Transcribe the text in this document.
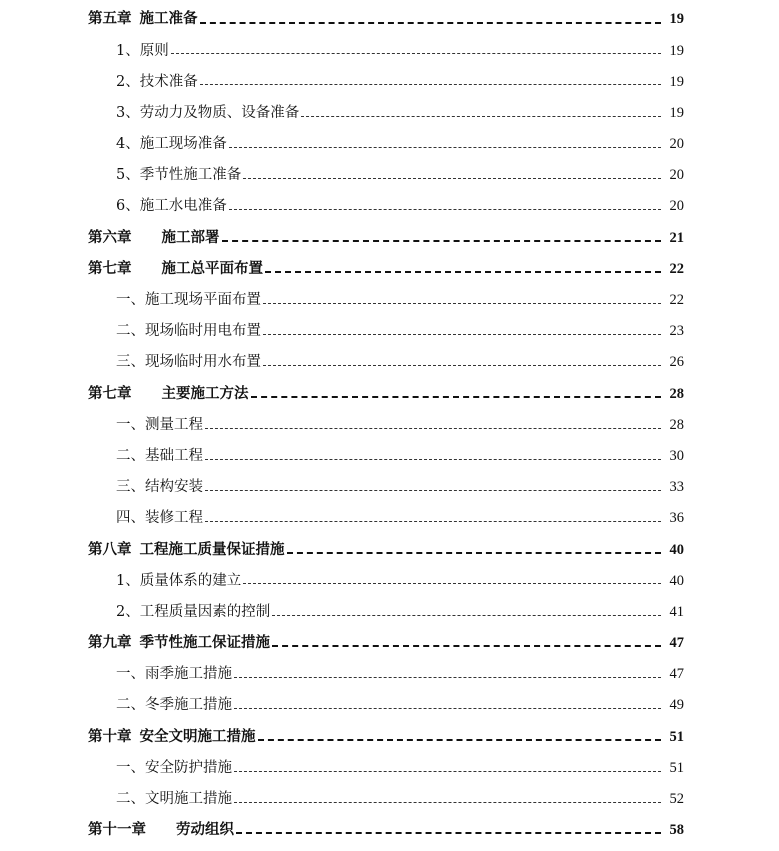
第五章 施工准备	19
1、 原则	19
2、 技术准备	19
3、 劳动力及物质、设备准备	19
4、 施工现场准备	20
5、 季节性施工准备	20
6、 施工水电准备	20
第六章 施工部署	21
第七章 施工总平面布置	22
一、 施工现场平面布置	22
二、 现场临时用电布置	23
三、 现场临时用水布置	26
第七章 主要施工方法	28
一、 测量工程	28
二、 基础工程	30
三、 结构安装	33
四、 装修工程	36
第八章 工程施工质量保证措施	40
1、 质量体系的建立	40
2、 工程质量因素的控制	41
第九章 季节性施工保证措施	47
一、 雨季施工措施	47
二、 冬季施工措施	49
第十章 安全文明施工措施	51
一、 安全防护措施	51
二、 文明施工措施	52
第十一章 劳动组织	58
